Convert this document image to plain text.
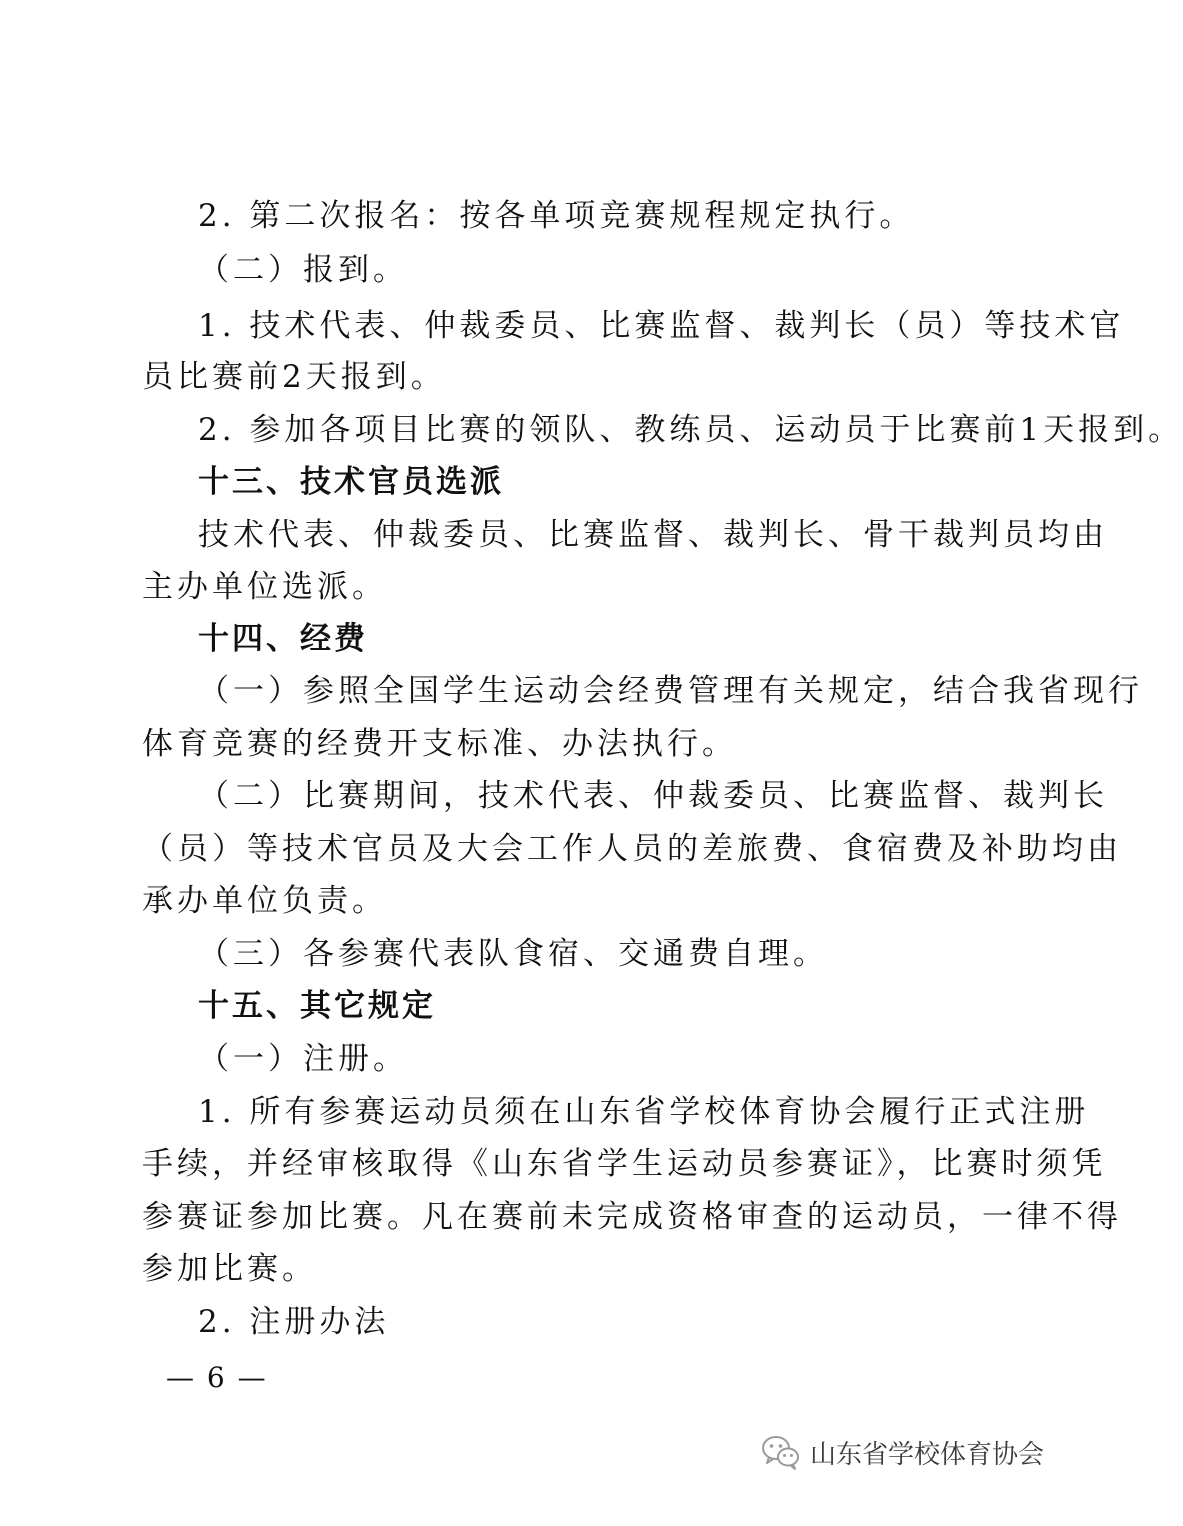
2. 第二次报名：按各单项竞赛规程规定执行。
（二）报到。
1. 技术代表、仲裁委员、比赛监督、裁判长（员）等技术官
员比赛前2天报到。
2. 参加各项目比赛的领队、教练员、运动员于比赛前1天报到。
十三、技术官员选派
技术代表、仲裁委员、比赛监督、裁判长、骨干裁判员均由
主办单位选派。
十四、经费
（一）参照全国学生运动会经费管理有关规定，结合我省现行
体育竞赛的经费开支标准、办法执行。
（二）比赛期间，技术代表、仲裁委员、比赛监督、裁判长
（员）等技术官员及大会工作人员的差旅费、食宿费及补助均由
承办单位负责。
（三）各参赛代表队食宿、交通费自理。
十五、其它规定
（一）注册。
1. 所有参赛运动员须在山东省学校体育协会履行正式注册
手续，并经审核取得《山东省学生运动员参赛证》，比赛时须凭
参赛证参加比赛。凡在赛前未完成资格审查的运动员，一律不得
参加比赛。
2. 注册办法
— 6 —
山东省学校体育协会
